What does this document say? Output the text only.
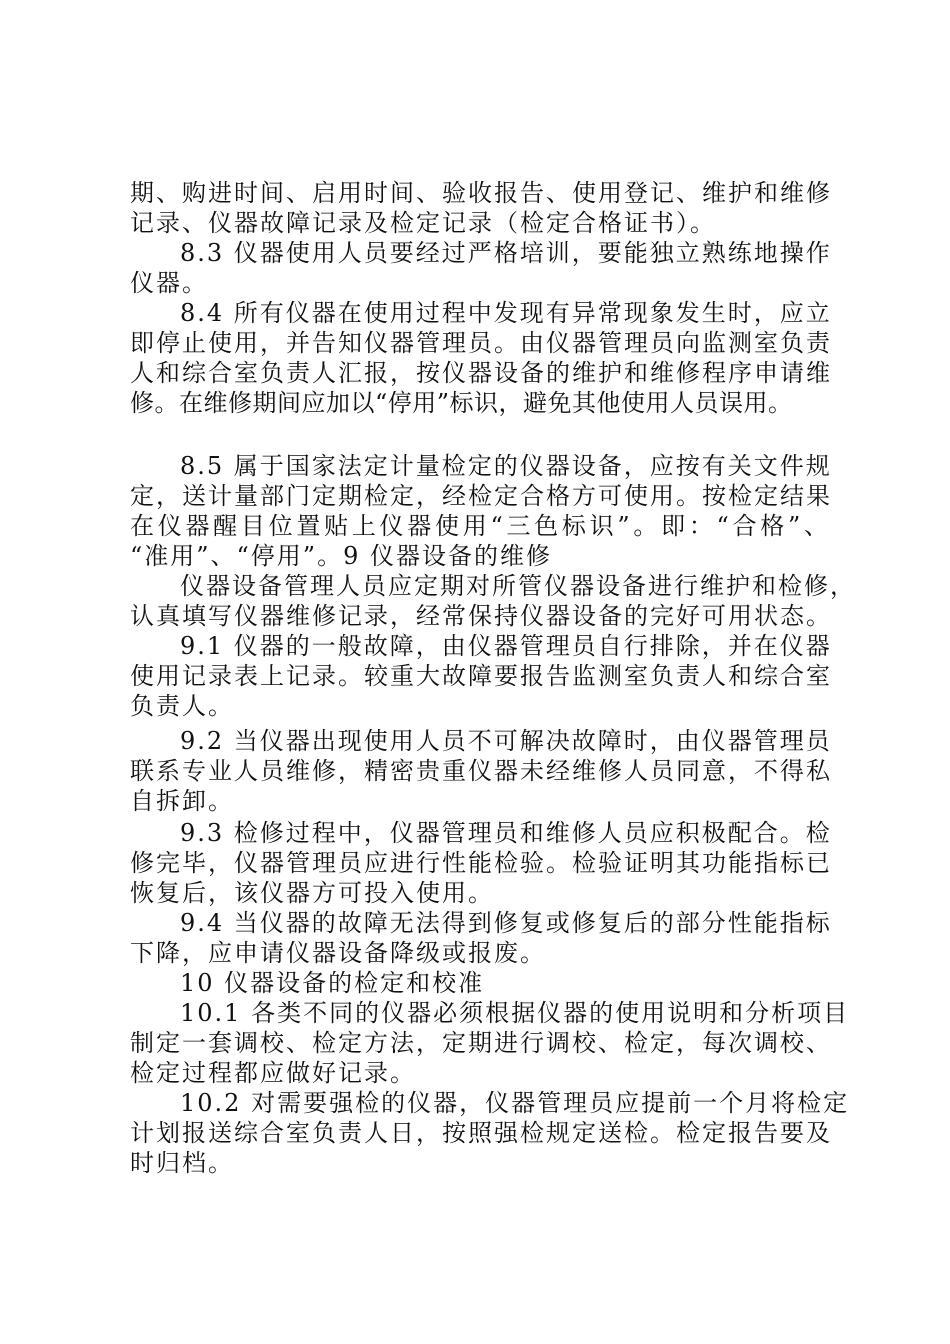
期、购进时间、启用时间、验收报告、使用登记、维护和维修
记录、仪器故障记录及检定记录（检定合格证书）。
8.3 仪器使用人员要经过严格培训，要能独立熟练地操作
仪器。
8.4 所有仪器在使用过程中发现有异常现象发生时，应立
即停止使用，并告知仪器管理员。由仪器管理员向监测室负责
人和综合室负责人汇报，按仪器设备的维护和维修程序申请维
修。在维修期间应加以“停用”标识，避免其他使用人员误用。
8.5 属于国家法定计量检定的仪器设备，应按有关文件规
定，送计量部门定期检定，经检定合格方可使用。按检定结果
在仪器醒目位置贴上仪器使用“三色标识”。即：“合格”、
“准用”、“停用”。9 仪器设备的维修
仪器设备管理人员应定期对所管仪器设备进行维护和检修，
认真填写仪器维修记录，经常保持仪器设备的完好可用状态。
9.1 仪器的一般故障，由仪器管理员自行排除，并在仪器
使用记录表上记录。较重大故障要报告监测室负责人和综合室
负责人。
9.2 当仪器出现使用人员不可解决故障时，由仪器管理员
联系专业人员维修，精密贵重仪器未经维修人员同意，不得私
自拆卸。
9.3 检修过程中，仪器管理员和维修人员应积极配合。检
修完毕，仪器管理员应进行性能检验。检验证明其功能指标已
恢复后，该仪器方可投入使用。
9.4 当仪器的故障无法得到修复或修复后的部分性能指标
下降，应申请仪器设备降级或报废。
10 仪器设备的检定和校准
10.1 各类不同的仪器必须根据仪器的使用说明和分析项目
制定一套调校、检定方法，定期进行调校、检定，每次调校、
检定过程都应做好记录。
10.2 对需要强检的仪器，仪器管理员应提前一个月将检定
计划报送综合室负责人日，按照强检规定送检。检定报告要及
时归档。
